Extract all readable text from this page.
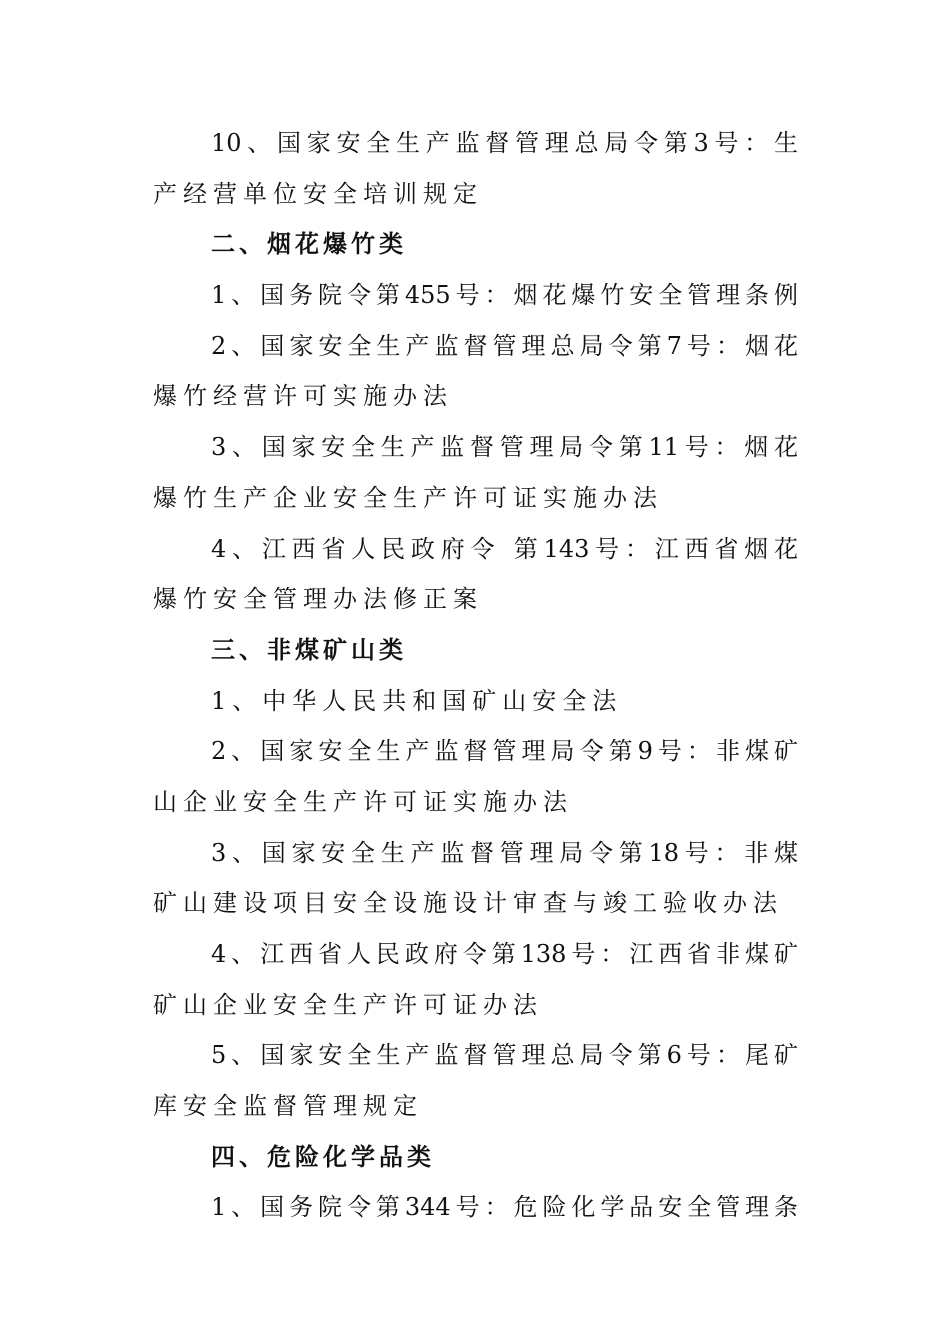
10、国家安全生产监督管理总局令第3号：生
产经营单位安全培训规定
二、烟花爆竹类
1、国务院令第455号：烟花爆竹安全管理条例
2、国家安全生产监督管理总局令第7号：烟花
爆竹经营许可实施办法
3、国家安全生产监督管理局令第11号：烟花
爆竹生产企业安全生产许可证实施办法
4、江西省人民政府令 第143号：江西省烟花
爆竹安全管理办法修正案
三、非煤矿山类
1、中华人民共和国矿山安全法
2、国家安全生产监督管理局令第9号：非煤矿
山企业安全生产许可证实施办法
3、国家安全生产监督管理局令第18号：非煤
矿山建设项目安全设施设计审查与竣工验收办法
4、江西省人民政府令第138号：江西省非煤矿
矿山企业安全生产许可证办法
5、国家安全生产监督管理总局令第6号：尾矿
库安全监督管理规定
四、危险化学品类
1、国务院令第344号：危险化学品安全管理条
